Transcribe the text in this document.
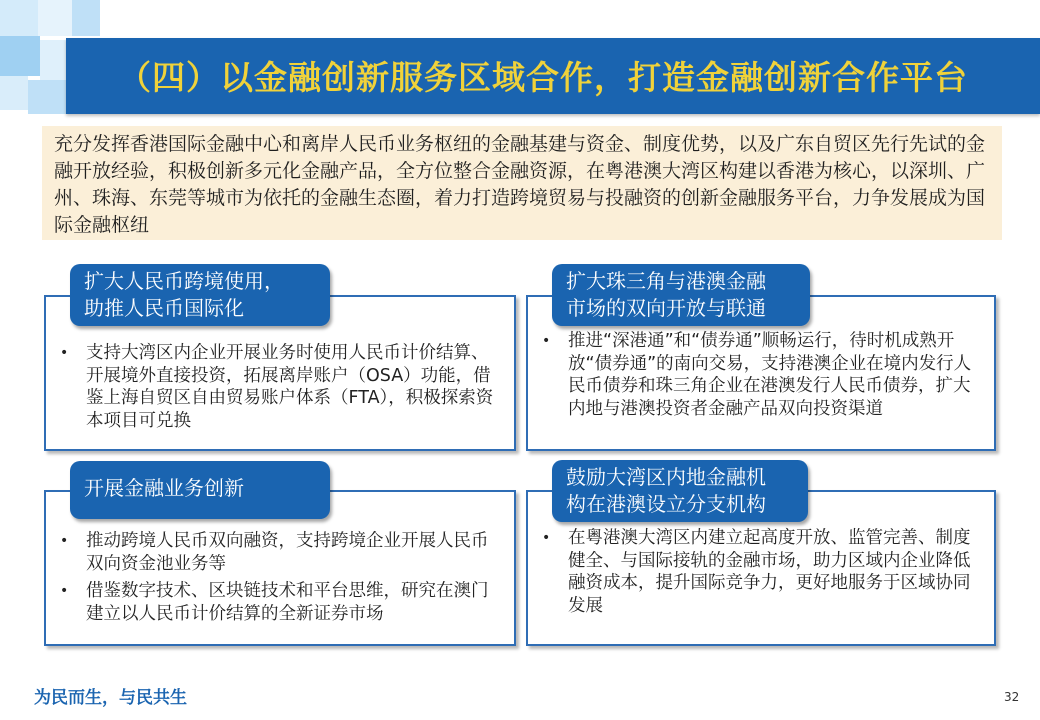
（四）以金融创新服务区域合作，打造金融创新合作平台
充分发挥香港国际金融中心和离岸人民币业务枢纽的金融基建与资金、制度优势，以及广东自贸区先行先试的金融开放经验，积极创新多元化金融产品，全方位整合金融资源，在粤港澳大湾区构建以香港为核心，以深圳、广州、珠海、东莞等城市为依托的金融生态圈，着力打造跨境贸易与投融资的创新金融服务平台，力争发展成为国际金融枢纽
扩大人民币跨境使用，
助推人民币国际化
• 支持大湾区内企业开展业务时使用人民币计价结算、开展境外直接投资，拓展离岸账户（OSA）功能，借鉴上海自贸区自由贸易账户体系（FTA），积极探索资本项目可兑换
扩大珠三角与港澳金融
市场的双向开放与联通
• 推进“深港通”和“债券通”顺畅运行，待时机成熟开放“债券通”的南向交易，支持港澳企业在境内发行人民币债券和珠三角企业在港澳发行人民币债券，扩大内地与港澳投资者金融产品双向投资渠道
开展金融业务创新
• 推动跨境人民币双向融资，支持跨境企业开展人民币双向资金池业务等
• 借鉴数字技术、区块链技术和平台思维，研究在澳门建立以人民币计价结算的全新证券市场
鼓励大湾区内地金融机
构在港澳设立分支机构
• 在粤港澳大湾区内建立起高度开放、监管完善、制度健全、与国际接轨的金融市场，助力区域内企业降低融资成本，提升国际竞争力，更好地服务于区域协同发展
为民而生，与民共生	32
